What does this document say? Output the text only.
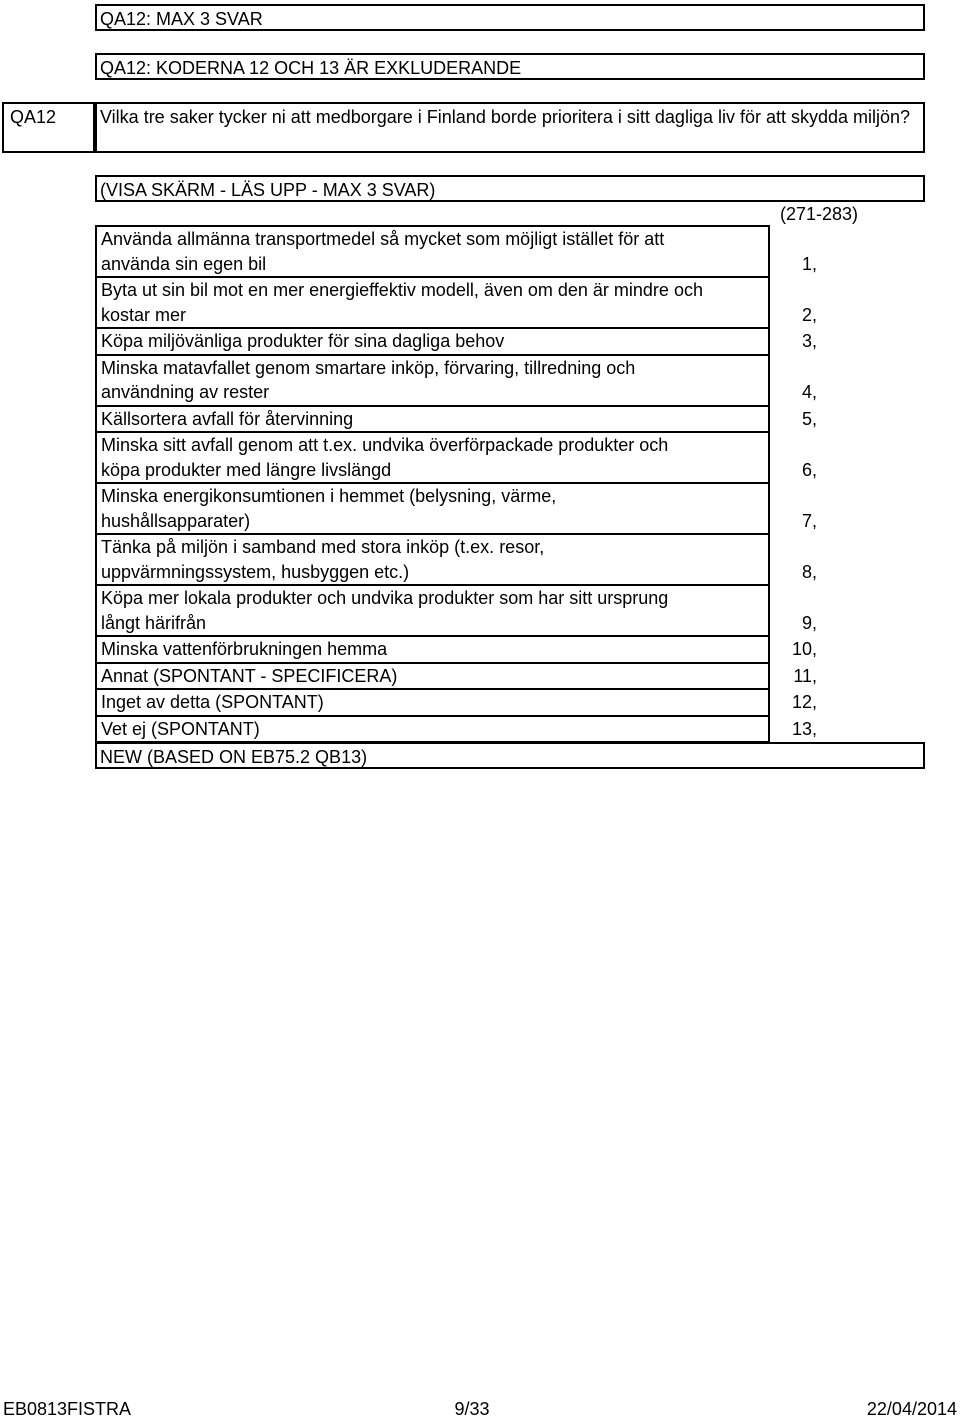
QA12: MAX 3 SVAR
QA12: KODERNA 12 OCH 13 ÄR EXKLUDERANDE
QA12	Vilka tre saker tycker ni att medborgare i Finland borde prioritera i sitt dagliga liv för att skydda miljön?
(VISA SKÄRM - LÄS UPP - MAX 3 SVAR)
(271-283)
Använda allmänna transportmedel så mycket som möjligt istället för att
använda sin egen bil	1,
Byta ut sin bil mot en mer energieffektiv modell, även om den är mindre och
kostar mer	2,
Köpa miljövänliga produkter för sina dagliga behov	3,
Minska matavfallet genom smartare inköp, förvaring, tillredning och
användning av rester	4,
Källsortera avfall för återvinning	5,
Minska sitt avfall genom att t.ex. undvika överförpackade produkter och
köpa produkter med längre livslängd	6,
Minska energikonsumtionen i hemmet (belysning, värme,
hushållsapparater)	7,
Tänka på miljön i samband med stora inköp (t.ex. resor,
uppvärmningssystem, husbyggen etc.)	8,
Köpa mer lokala produkter och undvika produkter som har sitt ursprung
långt härifrån	9,
Minska vattenförbrukningen hemma	10,
Annat (SPONTANT - SPECIFICERA)	11,
Inget av detta (SPONTANT)	12,
Vet ej (SPONTANT)	13,
NEW (BASED ON EB75.2 QB13)
EB0813FISTRA	9/33	22/04/2014
